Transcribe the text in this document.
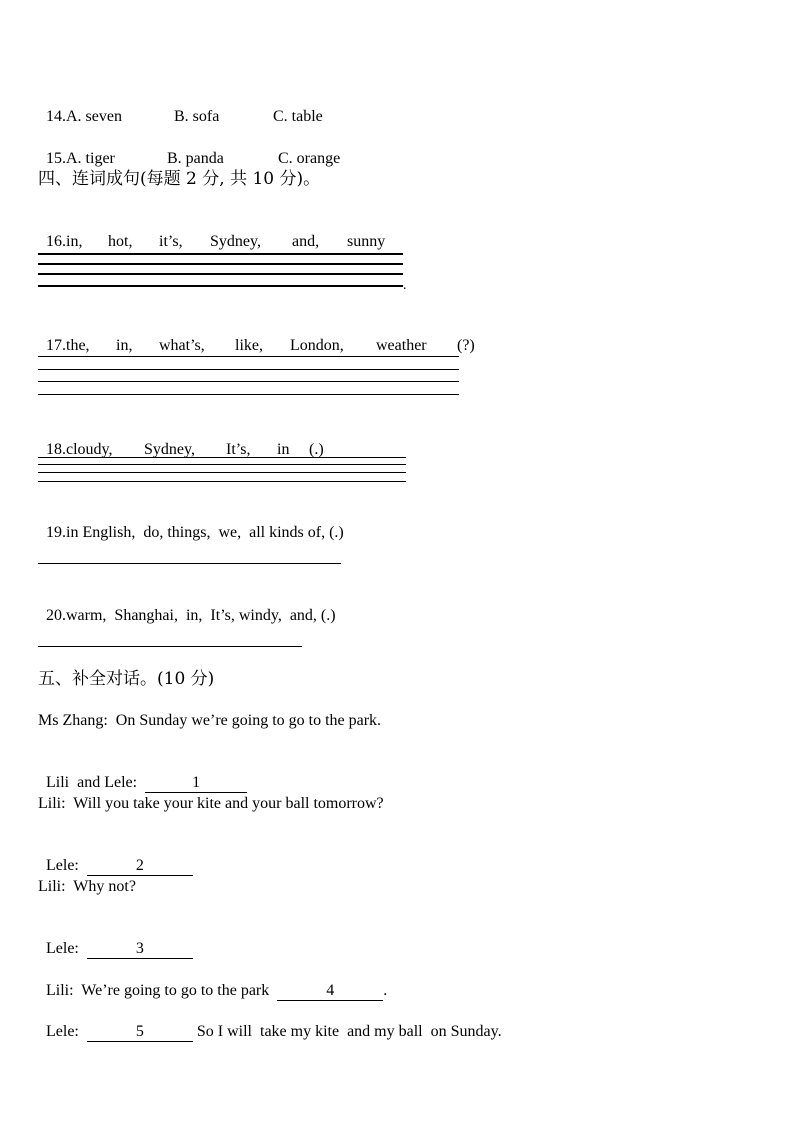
14.A. seven	B. sofa	C. table

15.A. tiger	B. panda	C. orange

四、连词成句(每题 2 分, 共 10 分)。

16.in, hot, it’s, Sydney, and, sunny

.

17.the, in, what’s, like, London, weather (?)

18.cloudy, Sydney, It’s, in (.)

19.in English,  do, things,  we,  all kinds of, (.)

20.warm,  Shanghai,  in,  It’s, windy,  and, (.)

五、补全对话。(10 分)
Ms Zhang:  On Sunday we’re going to go to the park.

Lili  and Lele:	1

Lili:  Will you take your kite and your ball tomorrow?

Lele:	2

Lili:  Why not?

Lele:	3

Lili:  We’re going to go to the park	4	.

Lele:	5	So I will  take my kite  and my ball  on Sunday.
